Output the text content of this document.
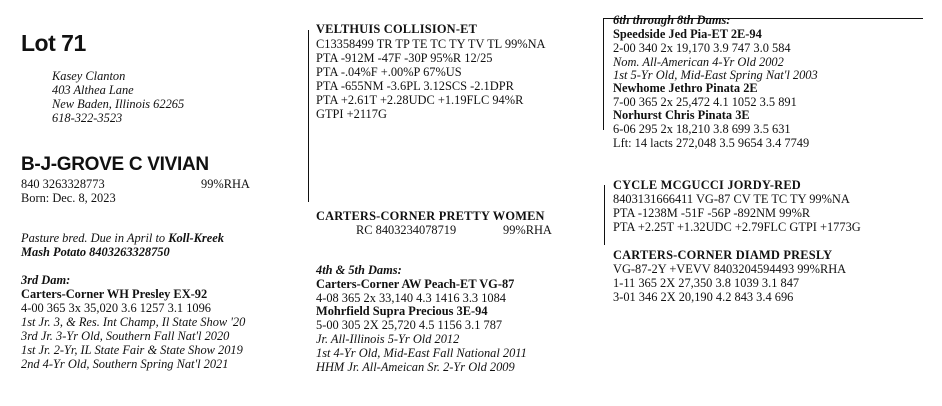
Lot 71
Kasey Clanton
403 Althea Lane
New Baden, Illinois 62265
618-322-3523
B-J-GROVE C VIVIAN
840 3263328773	99%RHA
Born: Dec. 8, 2023
Pasture bred. Due in April to Koll-Kreek
Mash Potato 8403263328750
3rd Dam:
Carters-Corner WH Presley EX-92
4-00 365 3x 35,020 3.6 1257 3.1 1096
1st Jr. 3, & Res. Int Champ, Il State Show '20
3rd Jr. 3-Yr Old, Southern Fall Nat'l 2020
1st Jr. 2-Yr, IL State Fair & State Show 2019
2nd 4-Yr Old, Southern Spring Nat'l 2021
VELTHUIS COLLISION-ET
C13358499 TR TP TE TC TY TV TL 99%NA
PTA -912M -47F -30P 95%R 12/25
PTA -.04%F +.00%P 67%US
PTA -655NM -3.6PL 3.12SCS -2.1DPR
PTA +2.61T +2.28UDC +1.19FLC 94%R
GTPI +2117G
CARTERS-CORNER PRETTY WOMEN
RC 8403234078719	99%RHA
4th & 5th Dams:
Carters-Corner AW Peach-ET VG-87
4-08 365 2x 33,140 4.3 1416 3.3 1084
Mohrfield Supra Precious 3E-94
5-00 305 2X 25,720 4.5 1156 3.1 787
Jr. All-Illinois 5-Yr Old 2012
1st 4-Yr Old, Mid-East Fall National 2011
HHM Jr. All-Ameican Sr. 2-Yr Old 2009
6th through 8th Dams:
Speedside Jed Pia-ET 2E-94
2-00 340 2x 19,170 3.9 747 3.0 584
Nom. All-American 4-Yr Old 2002
1st 5-Yr Old, Mid-East Spring Nat'l 2003
Newhome Jethro Pinata 2E
7-00 365 2x 25,472 4.1 1052 3.5 891
Norhurst Chris Pinata 3E
6-06 295 2x 18,210 3.8 699 3.5 631
Lft: 14 lacts 272,048 3.5 9654 3.4 7749
CYCLE MCGUCCI JORDY-RED
8403131666411 VG-87 CV TE TC TY 99%NA
PTA -1238M -51F -56P -892NM 99%R
PTA +2.25T +1.32UDC +2.79FLC GTPI +1773G
CARTERS-CORNER DIAMD PRESLY
VG-87-2Y +VEVV 8403204594493 99%RHA
1-11 365 2X 27,350 3.8 1039 3.1 847
3-01 346 2X 20,190 4.2 843 3.4 696
